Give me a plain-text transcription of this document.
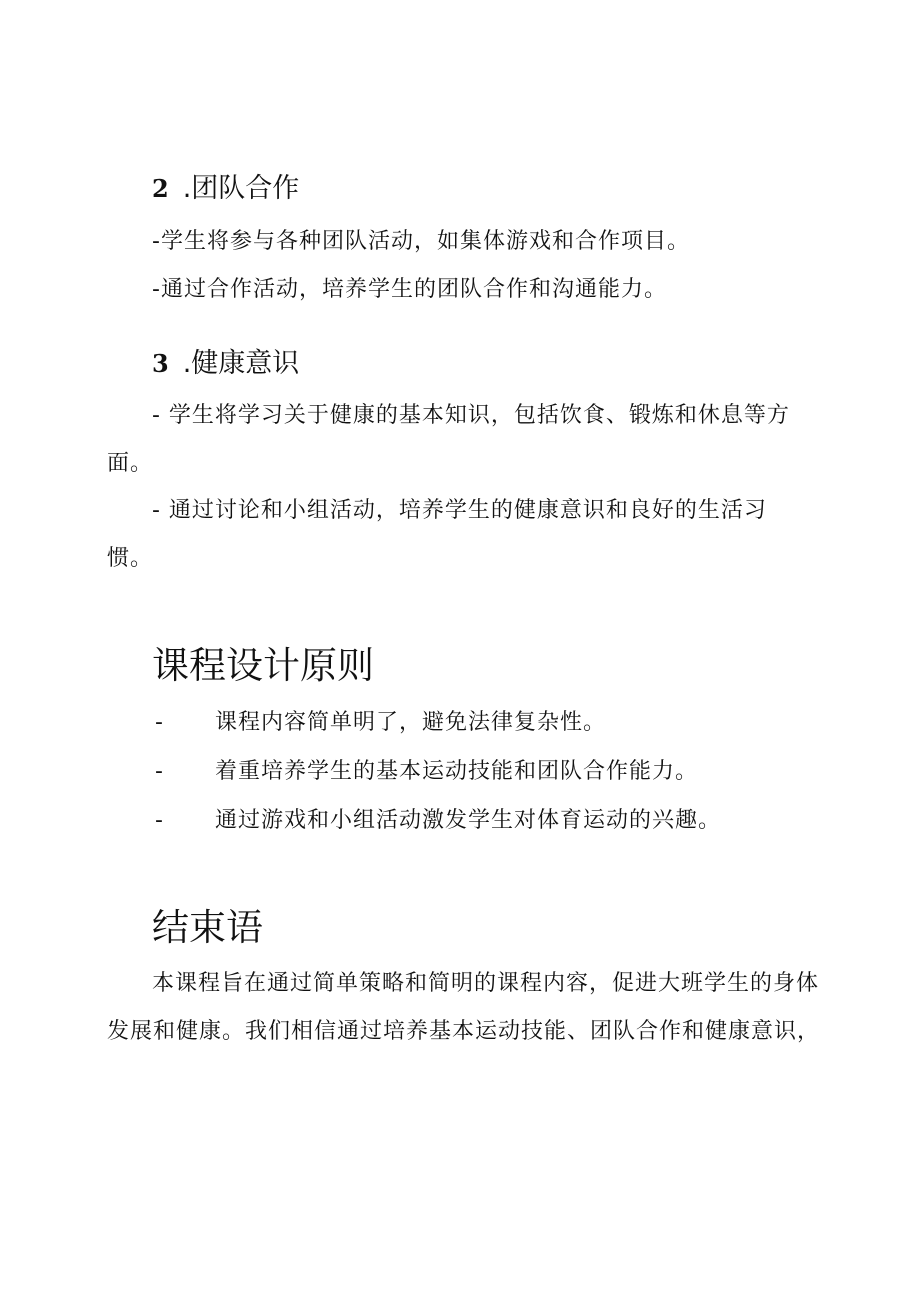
2 .团队合作
-学生将参与各种团队活动，如集体游戏和合作项目。
-通过合作活动，培养学生的团队合作和沟通能力。
3 .健康意识
- 学生将学习关于健康的基本知识，包括饮食、锻炼和休息等方
面。
- 通过讨论和小组活动，培养学生的健康意识和良好的生活习
惯。
课程设计原则
- 课程内容简单明了，避免法律复杂性。
- 着重培养学生的基本运动技能和团队合作能力。
- 通过游戏和小组活动激发学生对体育运动的兴趣。
结束语
本课程旨在通过简单策略和简明的课程内容，促进大班学生的身体
发展和健康。我们相信通过培养基本运动技能、团队合作和健康意识，
